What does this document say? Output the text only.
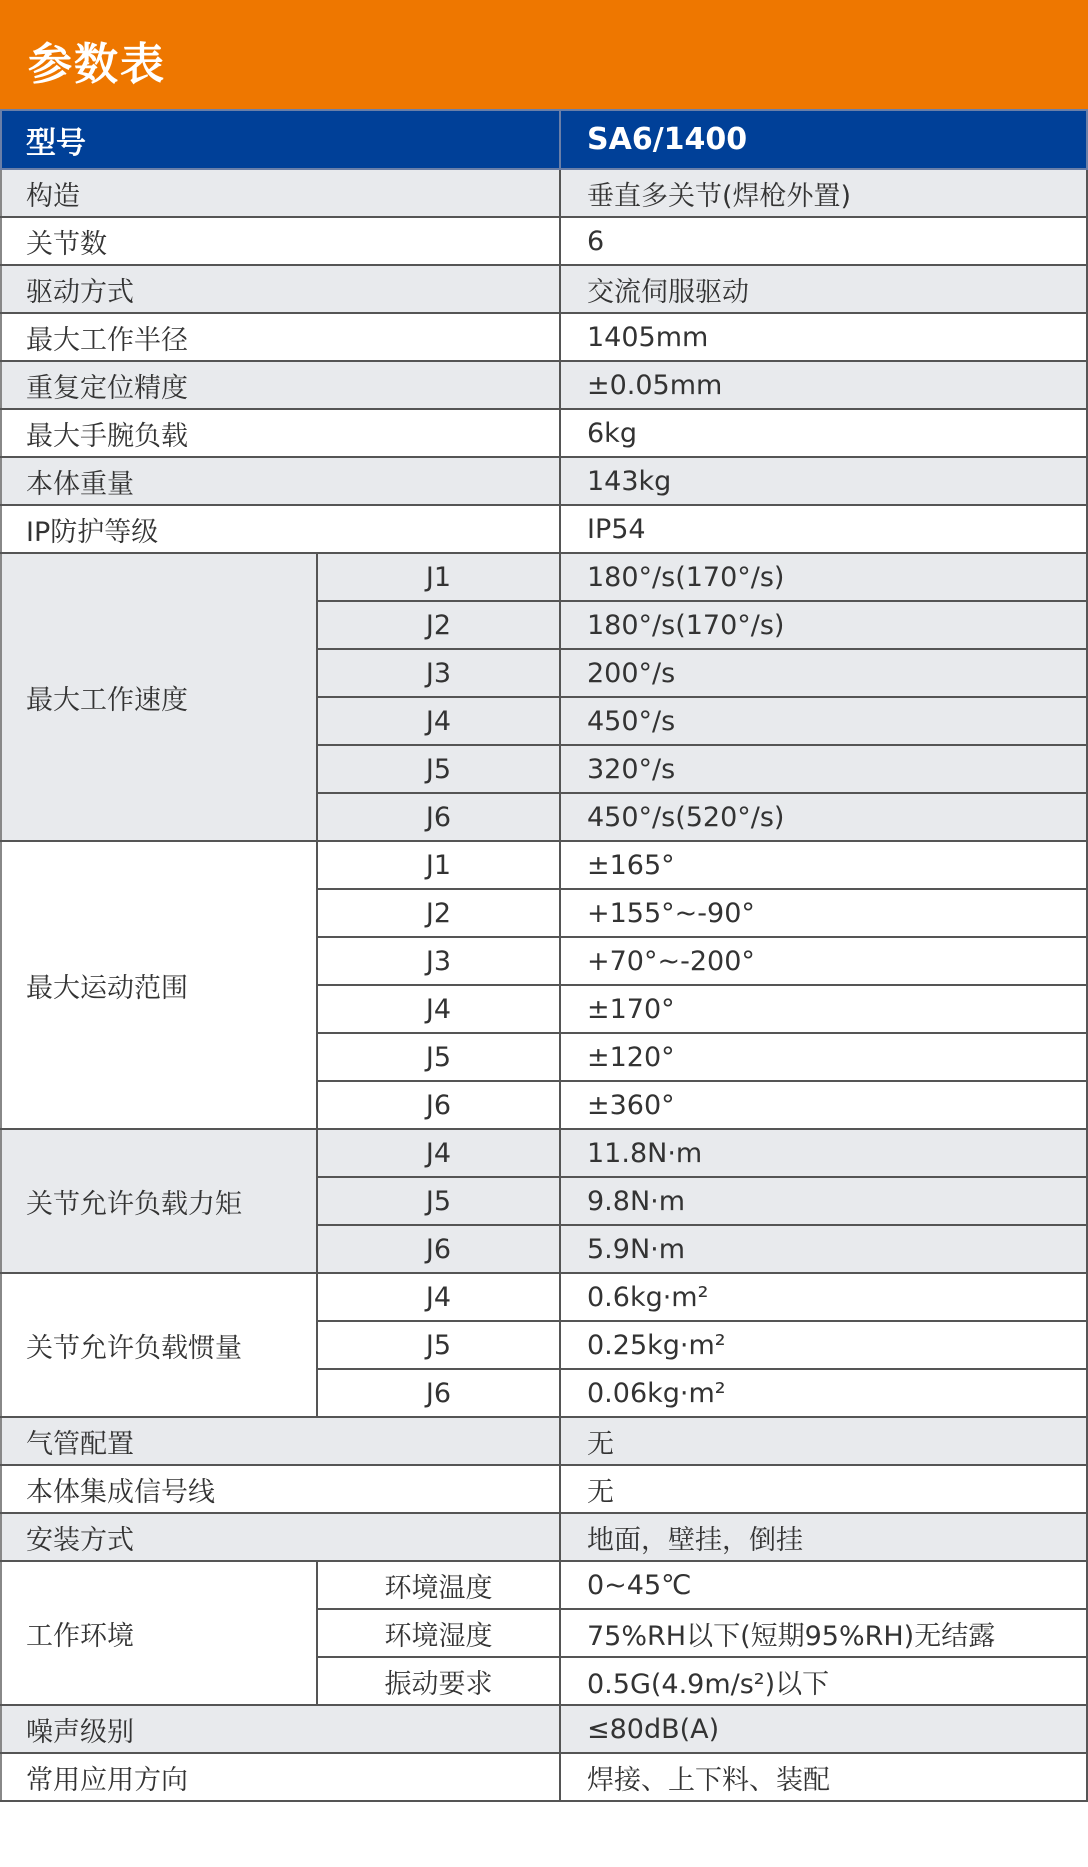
参数表
型号		SA6/1400
构造		垂直多关节(焊枪外置)
关节数		6
驱动方式		交流伺服驱动
最大工作半径		1405mm
重复定位精度		±0.05mm
最大手腕负载		6kg
本体重量		143kg
IP防护等级		IP54
最大工作速度	J1	180°/s(170°/s)
	J2	180°/s(170°/s)
	J3	200°/s
	J4	450°/s
	J5	320°/s
	J6	450°/s(520°/s)
最大运动范围	J1	±165°
	J2	+155°~-90°
	J3	+70°~-200°
	J4	±170°
	J5	±120°
	J6	±360°
关节允许负载力矩	J4	11.8N·m
	J5	9.8N·m
	J6	5.9N·m
关节允许负载惯量	J4	0.6kg·m²
	J5	0.25kg·m²
	J6	0.06kg·m²
气管配置		无
本体集成信号线		无
安装方式		地面，壁挂，倒挂
工作环境	环境温度	0~45℃
	环境湿度	75%RH以下(短期95%RH)无结露
	振动要求	0.5G(4.9m/s²)以下
噪声级别		≤80dB(A)
常用应用方向		焊接、上下料、装配
